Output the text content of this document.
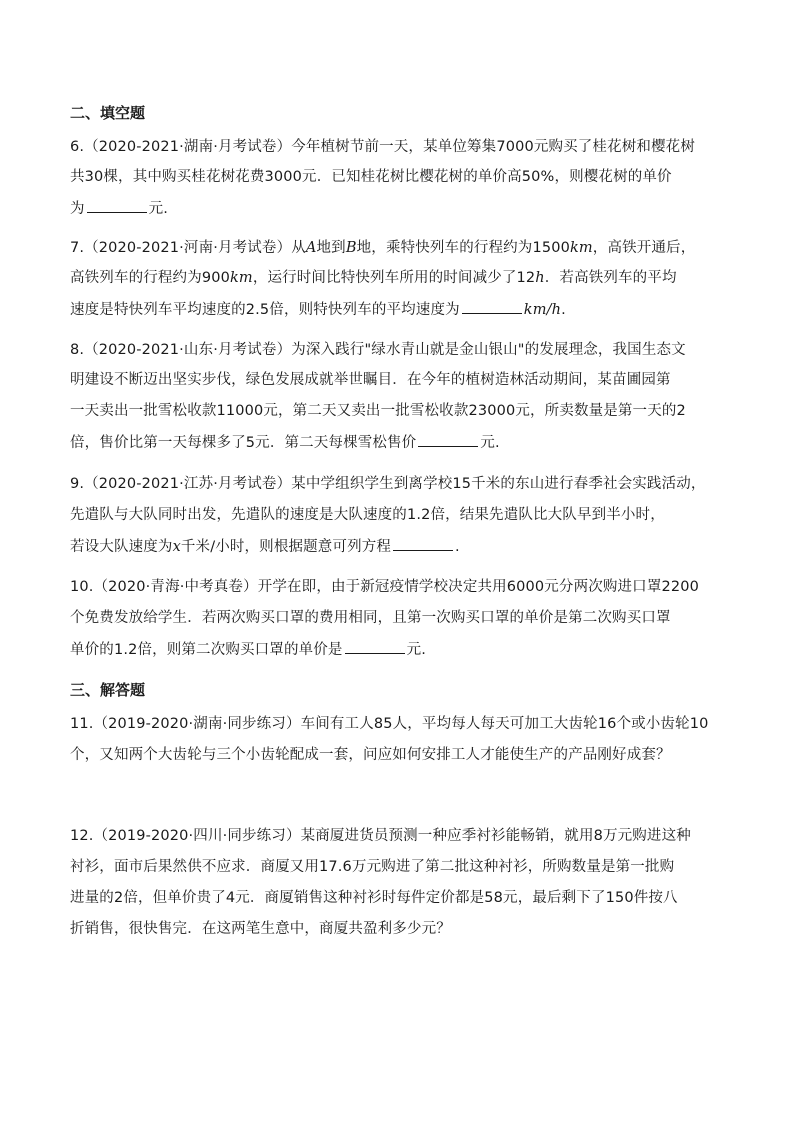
二、填空题
6.（2020-2021·湖南·月考试卷）今年植树节前一天，某单位筹集7000元购买了桂花树和樱花树
共30棵，其中购买桂花树花费3000元．已知桂花树比樱花树的单价高50%，则樱花树的单价
为	元.
7.（2020-2021·河南·月考试卷）从A地到B地，乘特快列车的行程约为1500km，高铁开通后，
高铁列车的行程约为900km，运行时间比特快列车所用的时间减少了12h．若高铁列车的平均
速度是特快列车平均速度的2.5倍，则特快列车的平均速度为	km/h.
8.（2020-2021·山东·月考试卷）为深入践行"绿水青山就是金山银山"的发展理念，我国生态文
明建设不断迈出坚实步伐，绿色发展成就举世瞩目．在今年的植树造林活动期间，某苗圃园第
一天卖出一批雪松收款11000元，第二天又卖出一批雪松收款23000元，所卖数量是第一天的2
倍，售价比第一天每棵多了5元．第二天每棵雪松售价	元.
9.（2020-2021·江苏·月考试卷）某中学组织学生到离学校15千米的东山进行春季社会实践活动，
先遣队与大队同时出发，先遣队的速度是大队速度的1.2倍，结果先遣队比大队早到半小时，
若设大队速度为x千米/小时，则根据题意可列方程	.
10.（2020·青海·中考真卷）开学在即，由于新冠疫情学校决定共用6000元分两次购进口罩2200
个免费发放给学生．若两次购买口罩的费用相同，且第一次购买口罩的单价是第二次购买口罩
单价的1.2倍，则第二次购买口罩的单价是	元.
三、解答题
11.（2019-2020·湖南·同步练习）车间有工人85人，平均每人每天可加工大齿轮16个或小齿轮10
个，又知两个大齿轮与三个小齿轮配成一套，问应如何安排工人才能使生产的产品刚好成套？
12.（2019-2020·四川·同步练习）某商厦进货员预测一种应季衬衫能畅销，就用8万元购进这种
衬衫，面市后果然供不应求．商厦又用17.6万元购进了第二批这种衬衫，所购数量是第一批购
进量的2倍，但单价贵了4元．商厦销售这种衬衫时每件定价都是58元，最后剩下了150件按八
折销售，很快售完．在这两笔生意中，商厦共盈利多少元？
